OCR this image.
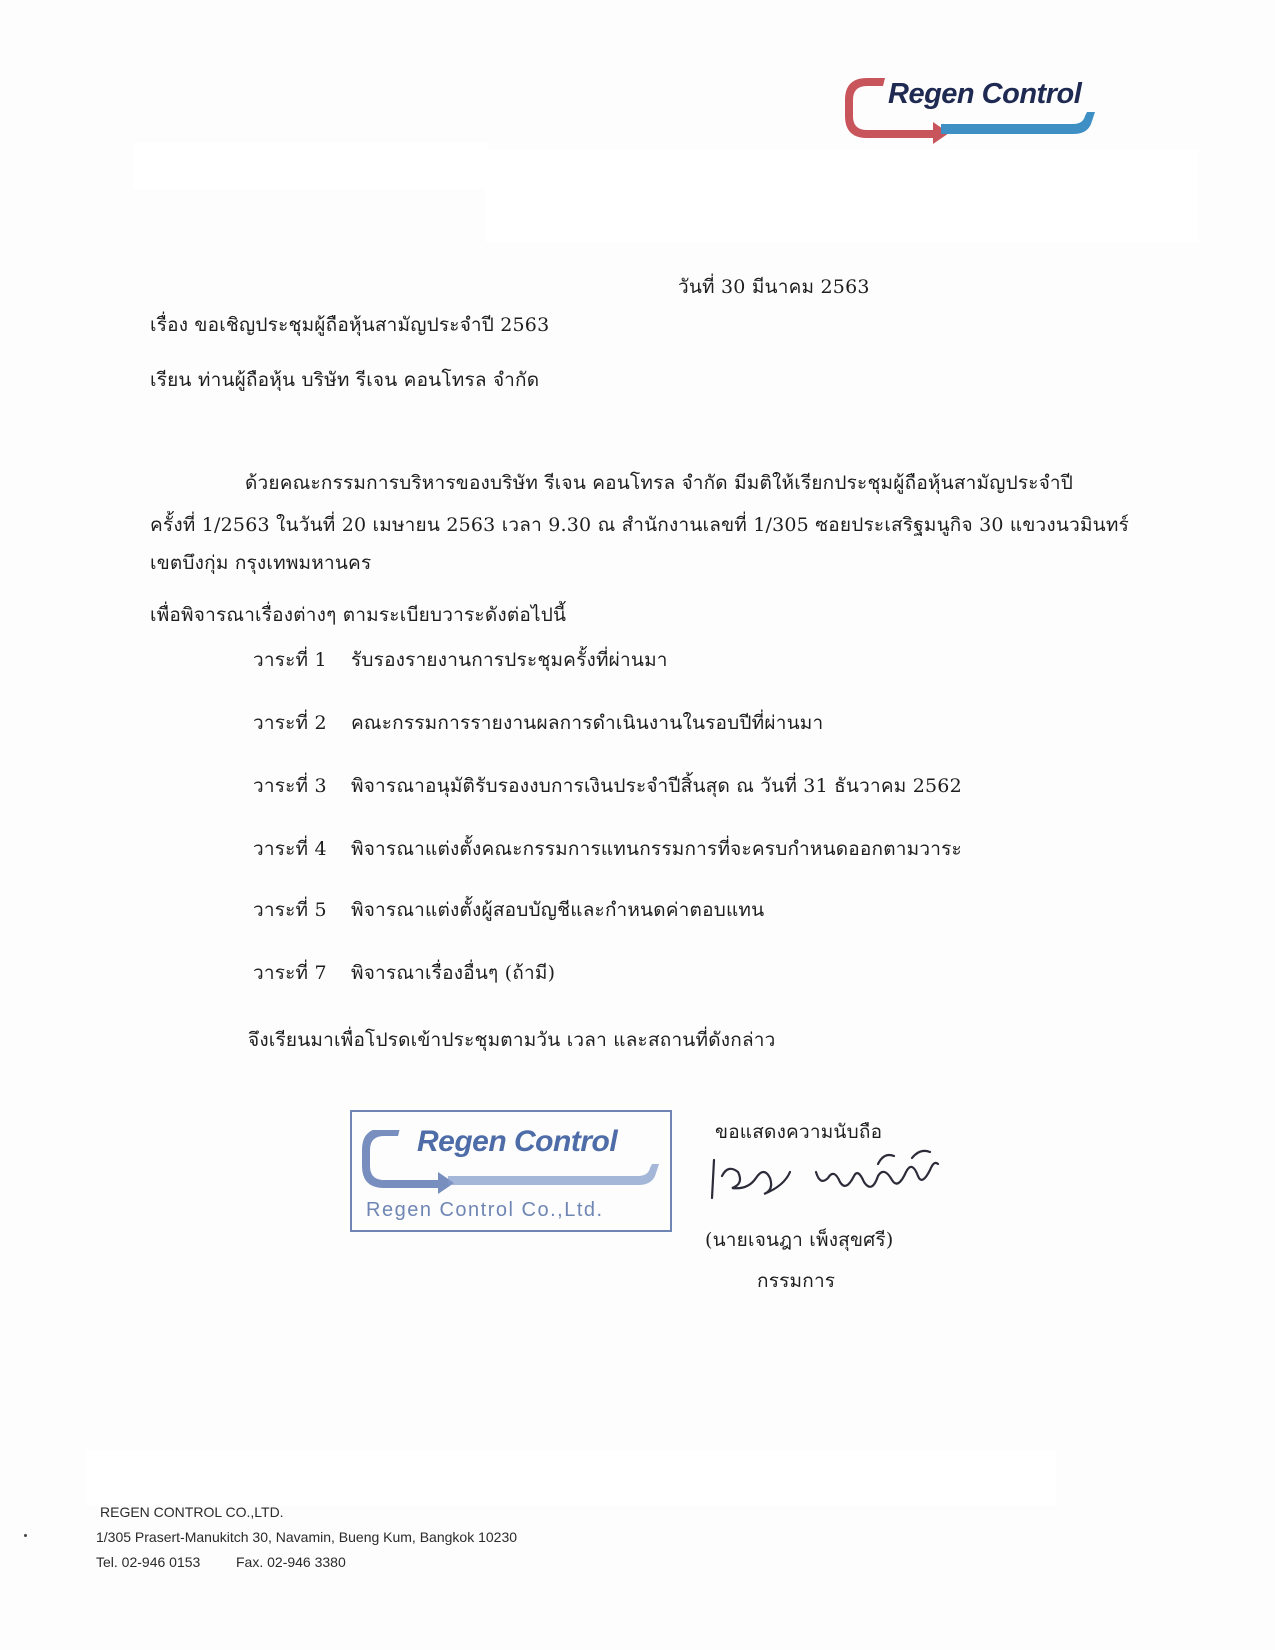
Regen Control
วันที่ 30 มีนาคม 2563
เรื่อง ขอเชิญประชุมผู้ถือหุ้นสามัญประจำปี 2563
เรียน ท่านผู้ถือหุ้น บริษัท รีเจน คอนโทรล จำกัด
ด้วยคณะกรรมการบริหารของบริษัท รีเจน คอนโทรล จำกัด มีมติให้เรียกประชุมผู้ถือหุ้นสามัญประจำปี
ครั้งที่ 1/2563 ในวันที่ 20 เมษายน 2563 เวลา 9.30 ณ สำนักงานเลขที่ 1/305 ซอยประเสริฐมนูกิจ 30 แขวงนวมินทร์
เขตบึงกุ่ม กรุงเทพมหานคร
เพื่อพิจารณาเรื่องต่างๆ ตามระเบียบวาระดังต่อไปนี้
วาระที่ 1 รับรองรายงานการประชุมครั้งที่ผ่านมา
วาระที่ 2 คณะกรรมการรายงานผลการดำเนินงานในรอบปีที่ผ่านมา
วาระที่ 3 พิจารณาอนุมัติรับรองงบการเงินประจำปีสิ้นสุด ณ วันที่ 31 ธันวาคม 2562
วาระที่ 4 พิจารณาแต่งตั้งคณะกรรมการแทนกรรมการที่จะครบกำหนดออกตามวาระ
วาระที่ 5 พิจารณาแต่งตั้งผู้สอบบัญชีและกำหนดค่าตอบแทน
วาระที่ 7 พิจารณาเรื่องอื่นๆ (ถ้ามี)
จึงเรียนมาเพื่อโปรดเข้าประชุมตามวัน เวลา และสถานที่ดังกล่าว
Regen Control
Regen Control Co.,Ltd.
ขอแสดงความนับถือ
(นายเจนฎา เพ็งสุขศรี)
กรรมการ
REGEN CONTROL CO.,LTD.
1/305 Prasert-Manukitch 30, Navamin, Bueng Kum, Bangkok 10230
Tel. 02-946 0153	Fax. 02-946 3380
